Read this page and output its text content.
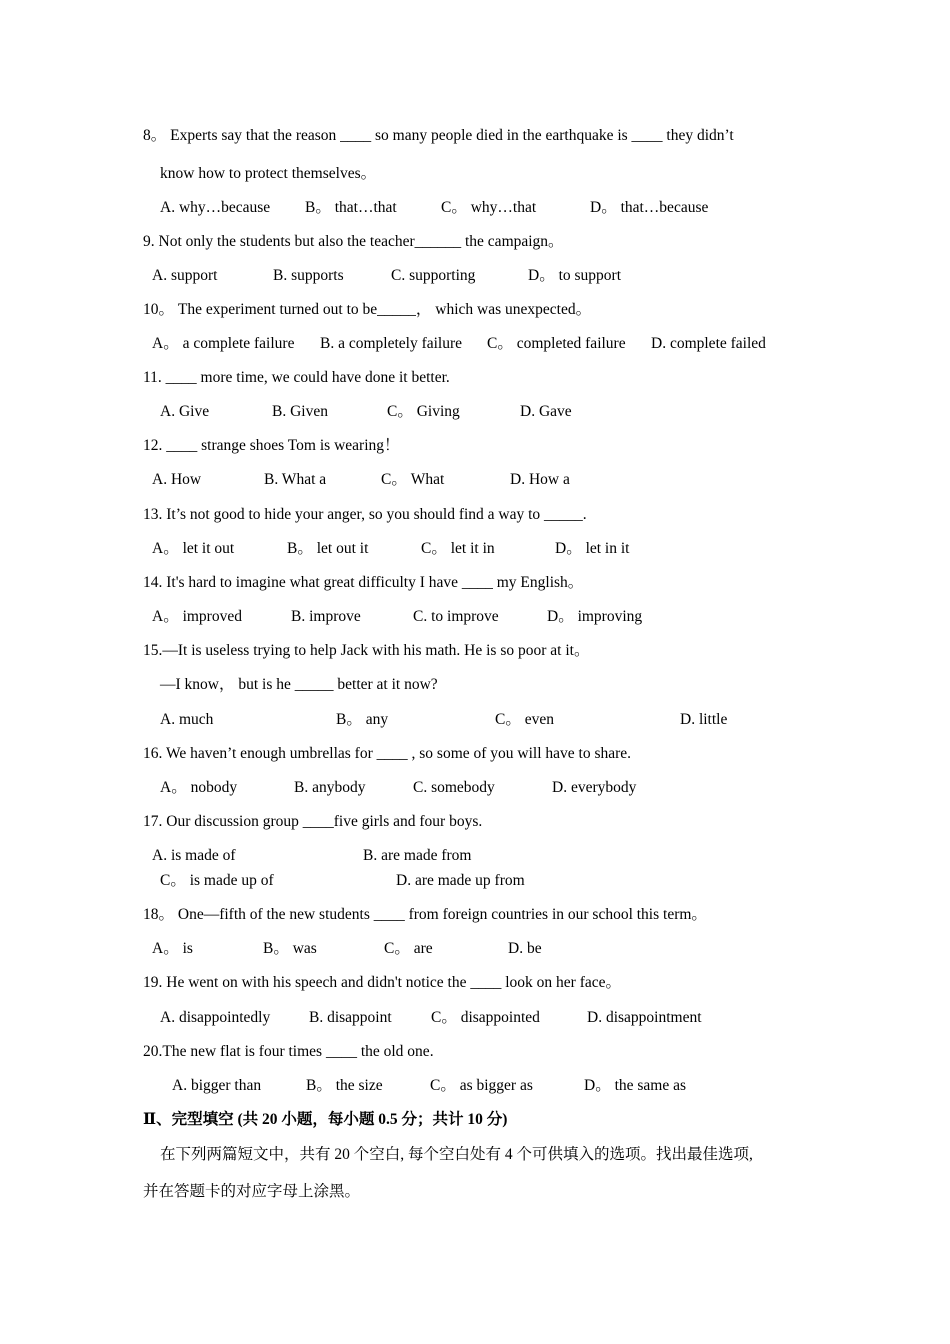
8。 Experts say that the reason ____ so many people died in the earthquake is ____ they didn’t
know how to protect themselves。
A. why…because B。 that…that	C。 why…that	D。 that…because
9. Not only the students but also the teacher______ the campaign。
A. support	B. supports	C. supporting	D。 to support
10。 The experiment turned out to be_____， which was unexpected。
A。 a complete failure B. a completely failure C。 completed failure D. complete failed
11. ____ more time, we could have done it better.
A. Give	B. Given	C。 Giving	D. Gave
12. ____ strange shoes Tom is wearing！
A. How	B. What a	C。 What	D. How a
13. It’s not good to hide your anger, so you should find a way to _____.
A。 let it out	B。 let out it	C。 let it in	D。 let in it
14. It's hard to imagine what great difficulty I have ____ my English。
A。 improved	B. improve	C. to improve	D。 improving
15.—It is useless trying to help Jack with his math. He is so poor at it。
—I know， but is he _____ better at it now?
A. much	B。 any	C。 even	D. little
16. We haven’t enough umbrellas for ____ , so some of you will have to share.
A。 nobody	B. anybody	C. somebody	D. everybody
17. Our discussion group ____five girls and four boys.
A. is made of	B. are made from
C。 is made up of	D. are made up from
18。 One—fifth of the new students ____ from foreign countries in our school this term。
A。 is	B。 was	C。 are	D. be
19. He went on with his speech and didn't notice the ____ look on her face。
A. disappointedly	B. disappoint	C。 disappointed	D. disappointment
20.The new flat is four times ____ the old one.
A. bigger than	B。 the size	C。 as bigger as	D。 the same as
Ⅱ、完型填空 (共 20 小题，每小题 0.5 分；共计 10 分)
在下列两篇短文中，共有 20 个空白, 每个空白处有 4 个可供填入的选项。找出最佳选项,
并在答题卡的对应字母上涂黑。
